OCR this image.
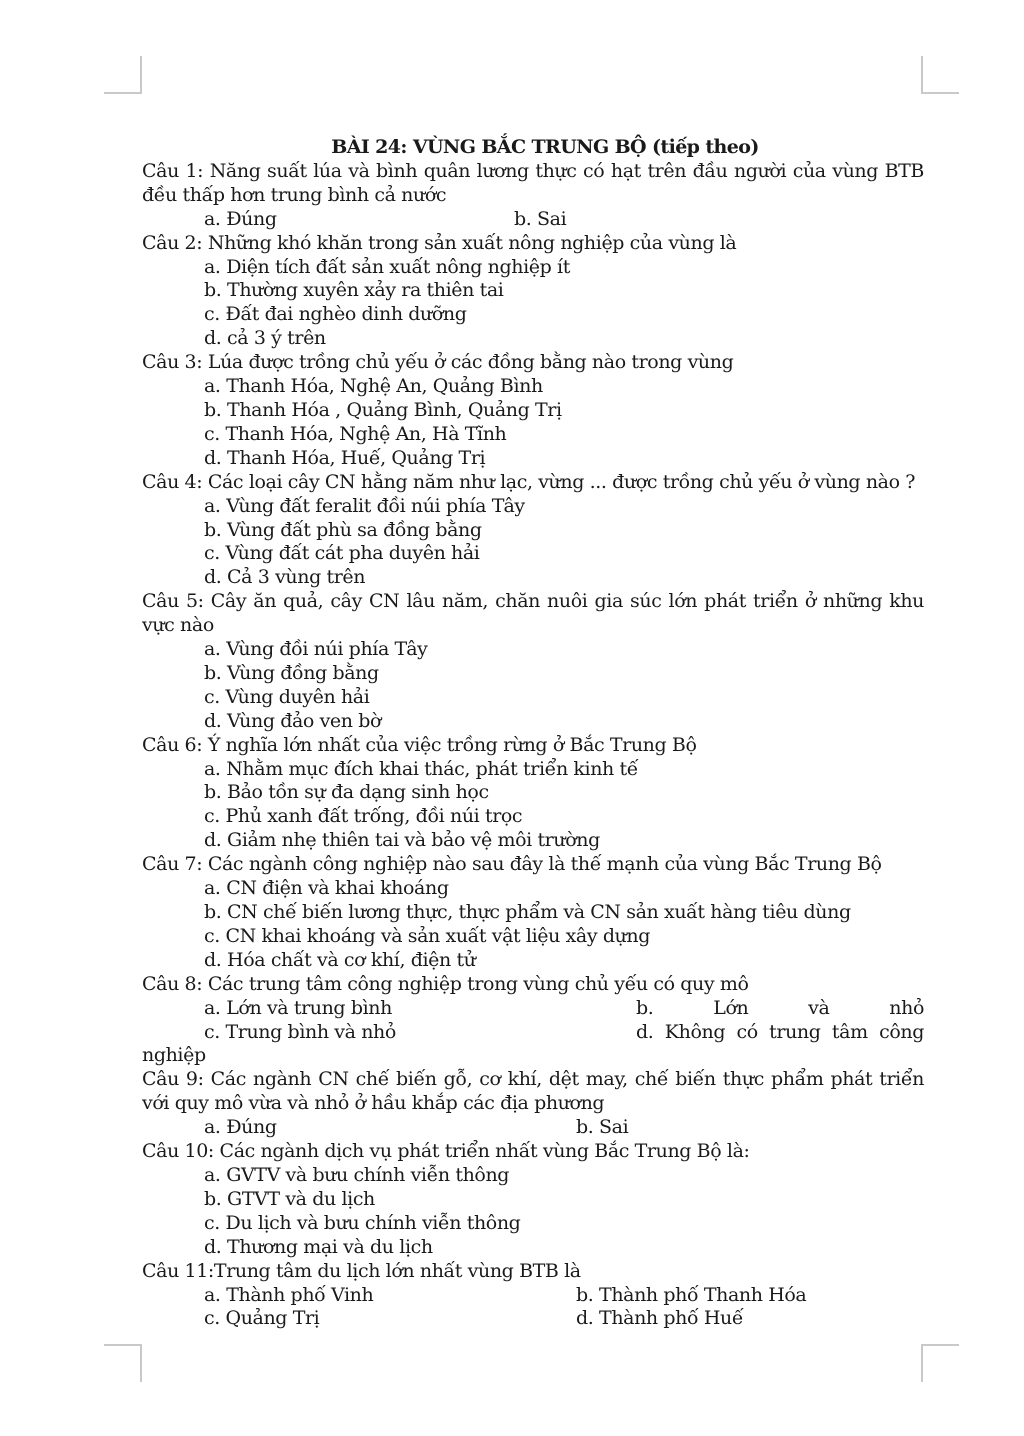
BÀI 24: VÙNG BẮC TRUNG BỘ (tiếp theo)
Câu 1: Năng suất lúa và bình quân lương thực có hạt trên đầu người của vùng BTB đều thấp hơn trung bình cả nước
a. Đúng	b. Sai
Câu 2: Những khó khăn trong sản xuất nông nghiệp của vùng là
a. Diện tích đất sản xuất nông nghiệp ít
b. Thường xuyên xảy ra thiên tai
c. Đất đai nghèo dinh dưỡng
d. cả 3 ý trên
Câu 3: Lúa được trồng chủ yếu ở các đồng bằng nào trong vùng
a. Thanh Hóa, Nghệ An, Quảng Bình
b. Thanh Hóa , Quảng Bình, Quảng Trị
c. Thanh Hóa, Nghệ An, Hà Tĩnh
d. Thanh Hóa, Huế, Quảng Trị
Câu 4: Các loại cây CN hằng năm như lạc, vừng ... được trồng chủ yếu ở vùng nào ?
a. Vùng đất feralit đồi núi phía Tây
b. Vùng đất phù sa đồng bằng
c. Vùng đất cát pha duyên hải
d. Cả 3 vùng trên
Câu 5: Cây ăn quả, cây CN lâu năm, chăn nuôi gia súc lớn phát triển ở những khu vực nào
a. Vùng đồi núi phía Tây
b. Vùng đồng bằng
c. Vùng duyên hải
d. Vùng đảo ven bờ
Câu 6: Ý nghĩa lớn nhất của việc trồng rừng ở Bắc Trung Bộ
a. Nhằm mục đích khai thác, phát triển kinh tế
b. Bảo tồn sự đa dạng sinh học
c. Phủ xanh đất trống, đồi núi trọc
d. Giảm nhẹ thiên tai và bảo vệ môi trường
Câu 7: Các ngành công nghiệp nào sau đây là thế mạnh của vùng Bắc Trung Bộ
a. CN điện và khai khoáng
b. CN chế biến lương thực, thực phẩm và CN sản xuất hàng tiêu dùng
c. CN khai khoáng và sản xuất vật liệu xây dựng
d. Hóa chất và cơ khí, điện tử
Câu 8: Các trung tâm công nghiệp trong vùng chủ yếu có quy mô
a. Lớn và trung bình	b. Lớn và nhỏ
c. Trung bình và nhỏ	d. Không có trung tâm công
nghiệp
Câu 9: Các ngành CN chế biến gỗ, cơ khí, dệt may, chế biến thực phẩm phát triển với quy mô vừa và nhỏ ở hầu khắp các địa phương
a. Đúng	b. Sai
Câu 10: Các ngành dịch vụ phát triển nhất vùng Bắc Trung Bộ là:
a. GVTV và bưu chính viễn thông
b. GTVT và du lịch
c. Du lịch và bưu chính viễn thông
d. Thương mại và du lịch
Câu 11:Trung tâm du lịch lớn nhất vùng BTB là
a. Thành phố Vinh	b. Thành phố Thanh Hóa
c. Quảng Trị	d. Thành phố Huế
